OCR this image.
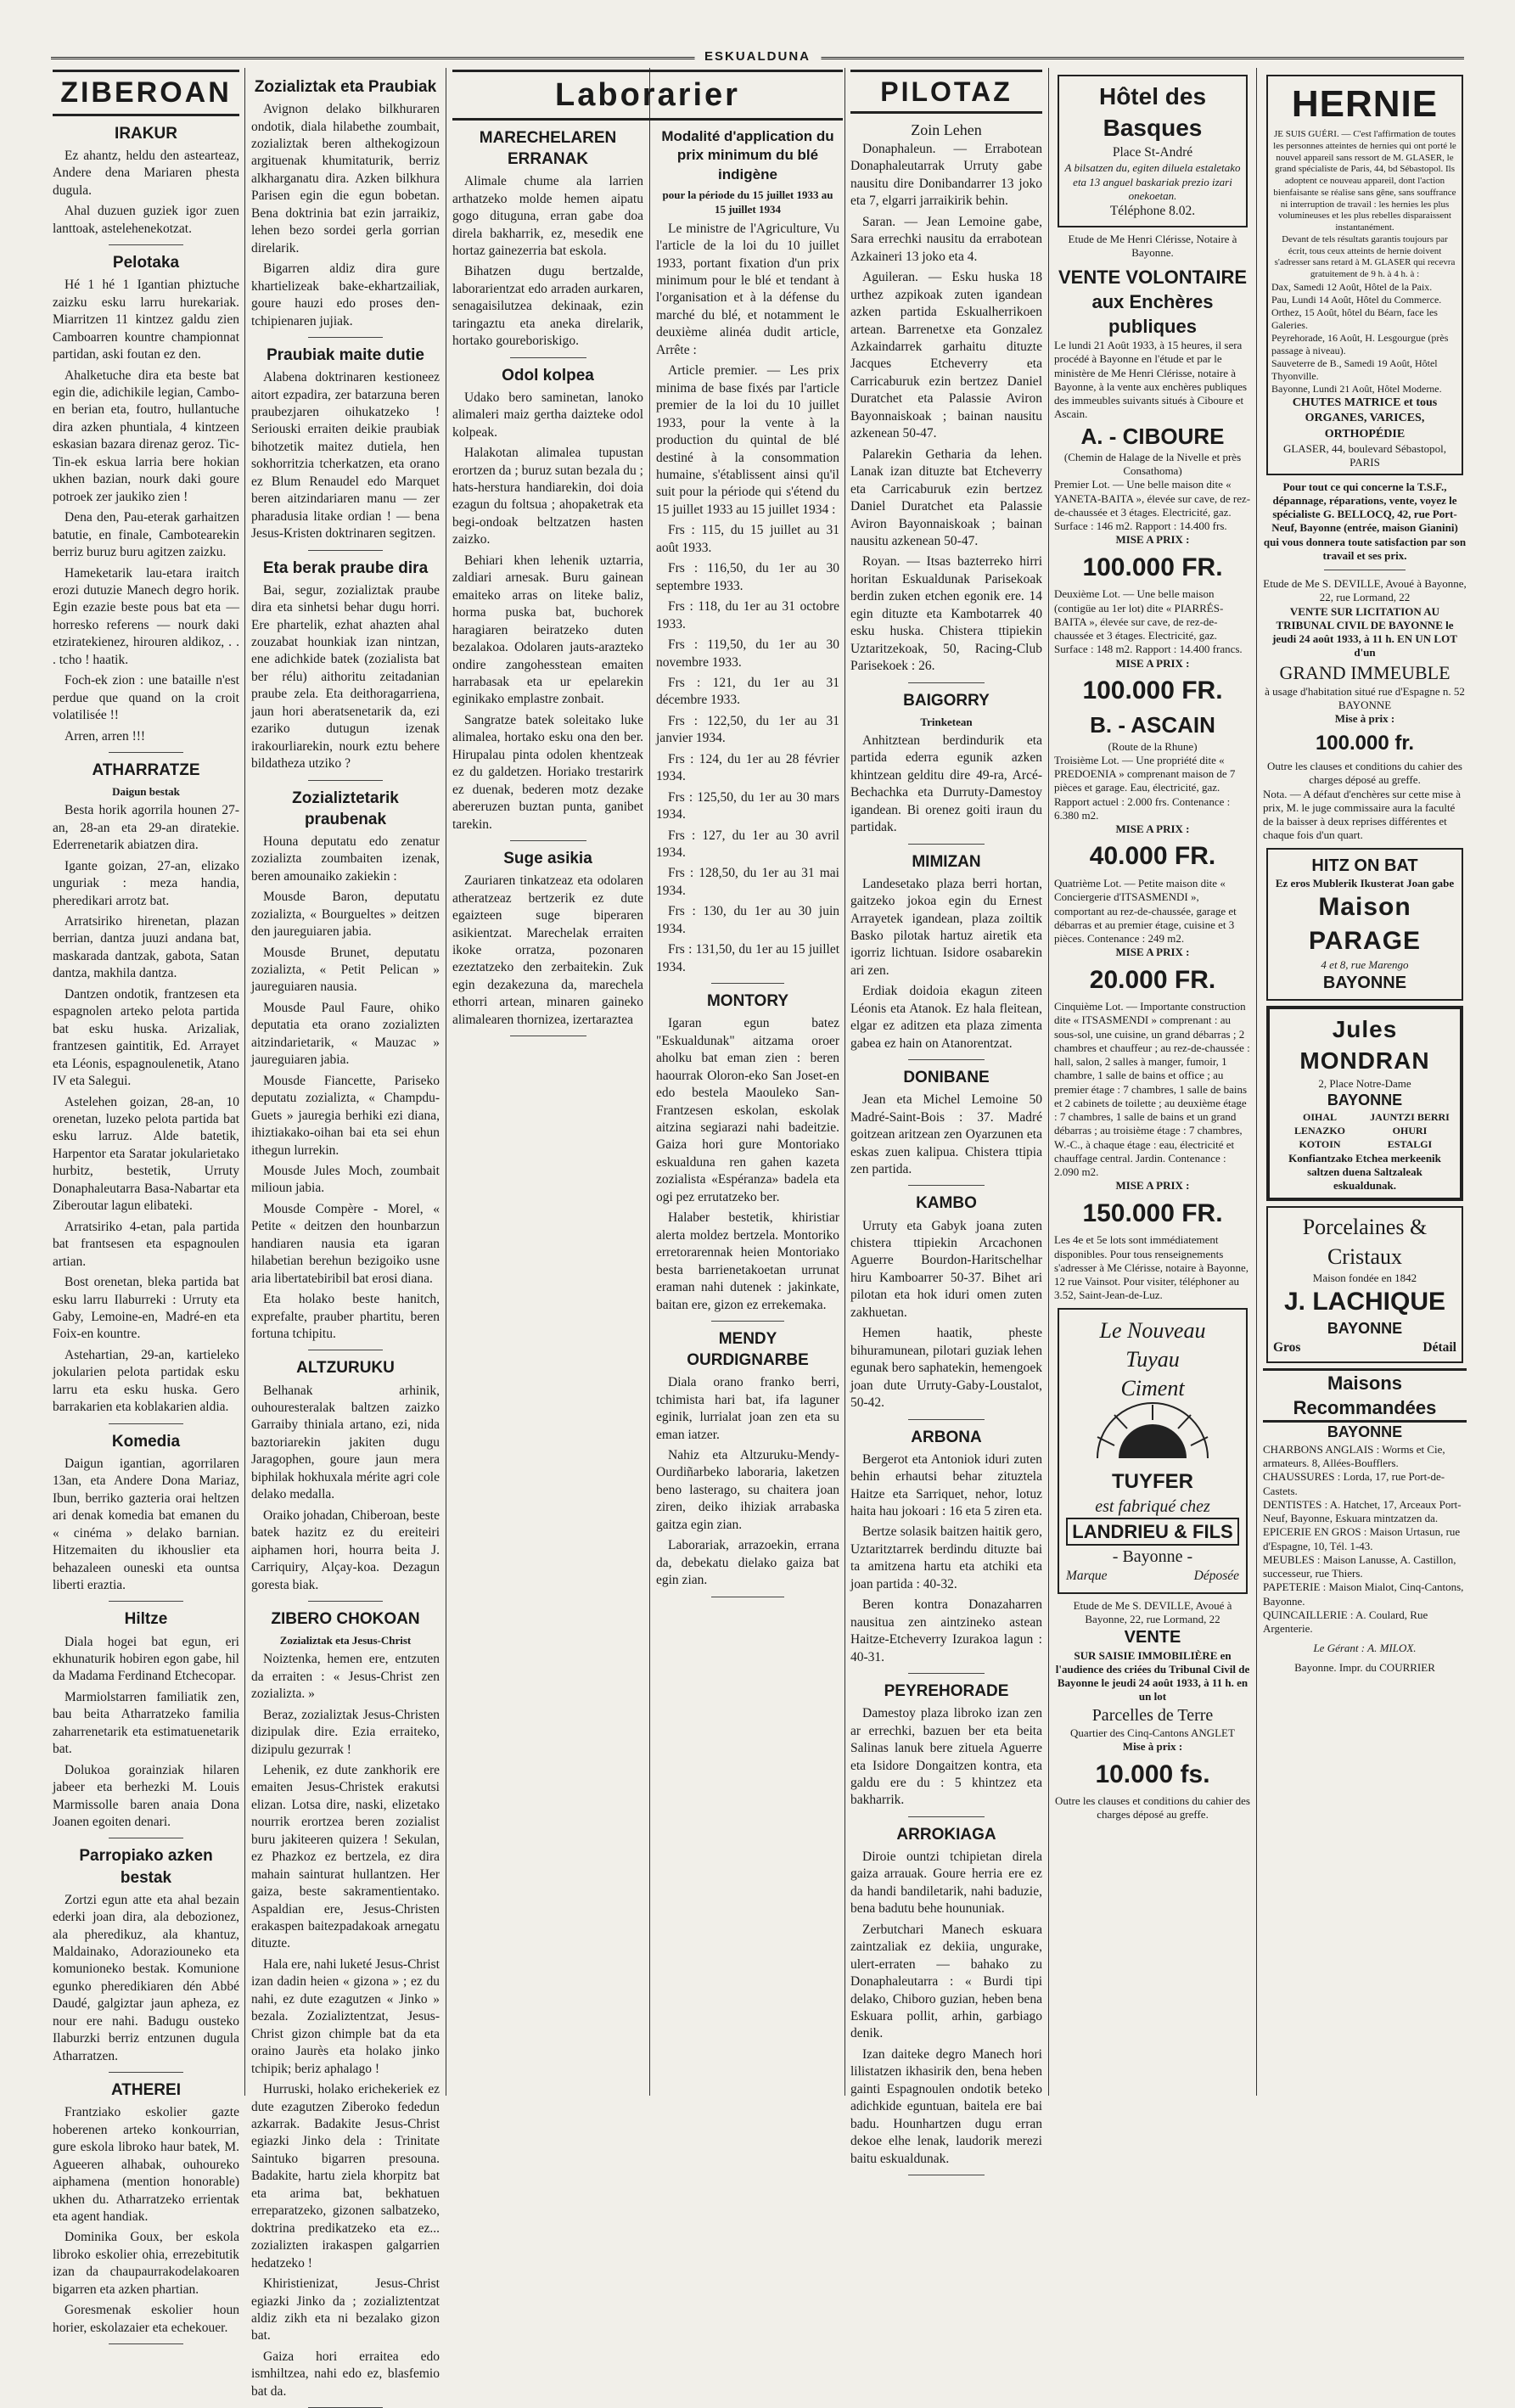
ESKUALDUNA
ZIBEROAN
IRAKUR

Ez ahantz, heldu den astearteaz, Andere dena Mariaren phesta dugula.

Ahal duzuen guziek igor zuen lanttoak, astelehenekotzat.

Pelotaka

Hé 1 hé 1 Igantian phiztuche zaizku esku larru hurekariak. Miarritzen 11 kintzez galdu zien Camboarren kountre championnat partidan, aski foutan ez den.

Ahalketuche dira eta beste bat egin die, adichikile legian, Cambo-en berian eta, foutro, hullantuche dira azken phuntiala, 4 kintzeen eskasian bazara direnaz geroz. Tic-Tin-ek eskua larria bere hokian ukhen bazian, nourk daki goure potroek zer jaukiko zien !

Dena den, Pau-eterak garhaitzen batutie, en finale, Cambotearekin berriz buruz buru agitzen zaizku.

Hameketarik lau-etara iraitch erozi dutuzie Manech degro horik. Egin ezazie beste pous bat eta — horresko referens — nourk daki etziratekienez, hirouren aldikoz, . . . tcho ! haatik.

Foch-ek zion : une bataille n'est perdue que quand on la croit volatilisée !!

Arren, arren !!!

ATHARRATZE
Daigun bestak

Besta horik agorrila hounen 27-an, 28-an eta 29-an diratekie. Ederrenetarik abiatzen dira.

Igante goizan, 27-an, elizako unguriak : meza handia, pheredikari arrotz bat.

Arratsiriko hirenetan, plazan berrian, dantza juuzi andana bat, maskarada dantzak, gabota, Satan dantza, makhila dantza.

Dantzen ondotik, frantzesen eta espagnolen arteko pelota partida bat esku huska. Arizaliak, frantzesen gaintitik, Ed. Arrayet eta Léonis, espagnoulenetik, Atano IV eta Salegui.

Astelehen goizan, 28-an, 10 orenetan, luzeko pelota partida bat esku larruz. Alde batetik, Harpentor eta Saratar jokularietako hurbitz, bestetik, Urruty Donaphaleutarra Basa-Nabartar eta Ziberoutar lagun elibateki.

Arratsiriko 4-etan, pala partida bat frantsesen eta espagnoulen artian.

Bost orenetan, bleka partida bat esku larru Ilaburreki : Urruty eta Gaby, Lemoine-en, Madré-en eta Foix-en kountre.

Astehartian, 29-an, kartieleko jokularien pelota partidak esku larru eta esku huska. Gero barrakarien eta koblakarien aldia.

Komedia

Daigun igantian, agorrilaren 13an, eta Andere Dona Mariaz, Ibun, berriko gazteria orai heltzen ari denak komedia bat emanen du « cinéma » delako barnian. Hitzemaiten du ikhouslier eta behazaleen ouneski eta ountsa liberti eraztia.

Hiltze

Diala hogei bat egun, eri ekhunaturik hobiren egon gabe, hil da Madama Ferdinand Etchecopar.

Marmiolstarren familiatik zen, bau beita Atharratzeko familia zaharrenetarik eta estimatuenetarik bat.

Dolukoa gorainziak hilaren jabeer eta berhezki M. Louis Marmissolle baren anaia Dona Joanen egoiten denari.

Parropiako azken bestak

Zortzi egun atte eta ahal bezain ederki joan dira, ala debozionez, ala pheredikuz, ala khantuz, Maldainako, Adoraziouneko eta komunioneko bestak. Komunione egunko pheredikiaren dén Abbé Daudé, galgiztar jaun apheza, ez nour ere nahi. Badugu ousteko Ilaburzki berriz entzunen dugula Atharratzen.

ATHEREI

Frantziako eskolier gazte hoberenen arteko konkourrian, gure eskola libroko haur batek, M. Agueeren alhabak, ouhoureko aiphamena (mention honorable) ukhen du. Atharratzeko errientak eta agent handiak.

Dominika Goux, ber eskola libroko eskolier ohia, errezebitutik izan da chaupaurrakodelakoaren bigarren eta azken phartian.

Goresmenak eskolier houn horier, eskolazaier eta echekouer.

Zozializtak eta Praubiak

Avignon delako bilkhuraren ondotik, diala hilabethe zoumbait, zozializtak beren althekogizoun argituenak khumitaturik, berriz alkharganatu dira. Azken bilkhura Parisen egin die egun bobetan. Bena doktrinia bat ezin jarraikiz, lehen bezo sordei gerla gorrian direlarik.

Bigarren aldiz dira gure khartielizeak bake-ekhartzailiak, goure hauzi edo proses den-tchipienaren jujiak.

Praubiak maite dutie

Alabena doktrinaren kestioneez aitort ezpadira, zer batarzuna beren praubezjaren oihukatzeko ! Seriouski erraiten deikie praubiak bihotzetik maitez dutiela, hen sokhorritzia tcherkatzen, eta orano ez Blum Renaudel edo Marquet beren aitzindariaren manu — zer pharadusia litake ordian ! — bena Jesus-Kristen doktrinaren segitzen.

Eta berak praube dira

Bai, segur, zozializtak praube dira eta sinhetsi behar dugu horri. Ere phartelik, ezhat ahazten ahal zouzabat hounkiak izan nintzan, ene adichkide batek (zozialista bat ber rélu) aithoritu zeitadanian praube zela. Eta deithoragarriena, jaun hori aberatsenetarik da, ezi ezariko dutugun izenak irakourliarekin, nourk eztu behere bildatheza utziko ?

Zozializtetarik praubenak

Houna deputatu edo zenatur zozializta zoumbaiten izenak, beren amounaiko zakiekin :

Mousde Baron, deputatu zozializta, « Bourgueltes » deitzen den jaureguiaren jabia.

Mousde Brunet, deputatu zozializta, « Petit Pelican » jaureguiaren nausia.

Mousde Paul Faure, ohiko deputatia eta orano zozializten aitzindarietarik, « Mauzac » jaureguiaren jabia.

Mousde Fiancette, Pariseko deputatu zozializta, « Champdu-Guets » jauregia berhiki ezi diana, ihiztiakako-oihan bai eta sei ehun ithegun lurrekin.

Mousde Jules Moch, zoumbait milioun jabia.

Mousde Compère - Morel, « Petite « deitzen den hounbarzun handiaren nausia eta igaran hilabetian berehun bezigoiko usne aria libertatebiribil bat erosi diana.

Eta holako beste hanitch, exprefalte, prauber phartitu, beren fortuna tchipitu.

ALTZURUKU

Belhanak arhinik, ouhouresteralak baltzen zaizko Garraiby thiniala artano, ezi, nida baztoriarekin jakiten dugu Jaragophen, goure jaun mera biphilak hokhuxala mérite agri cole delako medalla.

Oraiko johadan, Chiberoan, beste batek hazitz ez du ereiteiri aiphamen hori, hourra beita J. Carriquiry, Alçay-koa. Dezagun goresta biak.

ZIBERO CHOKOAN
Zozializtak eta Jesus-Christ

Noiztenka, hemen ere, entzuten da erraiten : « Jesus-Christ zen zozializta. »

Beraz, zozializtak Jesus-Christen dizipulak dire. Ezia erraiteko, dizipulu gezurrak !

Lehenik, ez dute zankhorik ere emaiten Jesus-Christek erakutsi elizan. Lotsa dire, naski, elizetako nourrik erortzea beren zozialist buru jakiteeren quizera ! Sekulan, ez Phazkoz ez bertzela, ez dira mahain sainturat hullantzen. Her gaiza, beste sakramentientako. Aspaldian ere, Jesus-Christen erakaspen baitezpadakoak arnegatu dituzte.

Hala ere, nahi luketé Jesus-Christ izan dadin heien « gizona » ; ez du nahi, ez dute ezagutzen « Jinko » bezala. Zozializtentzat, Jesus-Christ gizon chimple bat da eta oraino Jaurès eta holako jinko tchipik; beriz aphalago !

Hurruski, holako erichekeriek ez dute ezagutzen Ziberoko fededun azkarrak. Badakite Jesus-Christ egiazki Jinko dela : Trinitate Saintuko bigarren presouna. Badakite, hartu ziela khorpitz bat eta arima bat, bekhatuen erreparatzeko, gizonen salbatzeko, doktrina predikatzeko eta ez... zozializten irakaspen galgarrien hedatzeko !

Khiristienizat, Jesus-Christ egiazki Jinko da ; zozializtentzat aldiz zikh eta ni bezalako gizon bat.

Gaiza hori erraitea edo ismhiltzea, nahi edo ez, blasfemio bat da.

Laborarier
MARECHELAREN ERRANAK

Alimale chume ala larrien arthatzeko molde hemen aipatu gogo dituguna, erran gabe doa direla bakharrik, ez, mesedik ene hortaz gainezerria bat eskola.

Bihatzen dugu bertzalde, laborarientzat edo arraden aurkaren, senagaisilutzea dekinaak, ezin taringaztu eta aneka direlarik, hortako goureboriskigo.

Odol kolpea

Udako bero saminetan, lanoko alimaleri maiz gertha daizteke odol kolpeak.

Halakotan alimalea tupustan erortzen da ; buruz sutan bezala du ; hats-herstura handiarekin, doi doia ezagun du foltsua ; ahopaketrak eta begi-ondoak beltzatzen hasten zaizko.

Behiari khen lehenik uztarria, zaldiari arnesak. Buru gainean emaiteko arras on liteke baliz, horma puska bat, buchorek haragiaren beiratzeko duten bezalakoa. Odolaren jauts-arazteko ondire zangohesstean emaiten harrabasak eta ur epelarekin eginikako emplastre zonbait.

Sangratze batek soleitako luke alimalea, hortako esku ona den ber. Hirupalau pinta odolen khentzeak ez du galdetzen. Horiako trestarirk ez duenak, bederen motz dezake abereruzen buztan punta, ganibet tarekin.

Suge asikia

Zauriaren tinkatzeaz eta odolaren atheratzeaz bertzerik ez dute egaizteen suge biperaren asikientzat. Marechelak erraiten ikoke orratza, pozonaren ezeztatzeko den zerbaitekin. Zuk egin dezakezuna da, marechela ethorri artean, minaren gaineko alimalearen thornizea, izertaraztea

Modalité d'application du prix minimum du blé indigène
pour la période du 15 juillet 1933 au 15 juillet 1934

Le ministre de l'Agriculture, Vu l'article de la loi du 10 juillet 1933, portant fixation d'un prix minimum pour le blé et tendant à l'organisation et à la défense du marché du blé, et notamment le deuxième alinéa dudit article, Arrête :

Article premier. — Les prix minima de base fixés par l'article premier de la loi du 10 juillet 1933, pour la vente à la production du quintal de blé destiné à la consommation humaine, s'établissent ainsi qu'il suit pour la période qui s'étend du 15 juillet 1933 au 15 juillet 1934 :

Frs : 115, du 15 juillet au 31 août 1933.

Frs : 116,50, du 1er au 30 septembre 1933.

Frs : 118, du 1er au 31 octobre 1933.

Frs : 119,50, du 1er au 30 novembre 1933.

Frs : 121, du 1er au 31 décembre 1933.

Frs : 122,50, du 1er au 31 janvier 1934.

Frs : 124, du 1er au 28 février 1934.

Frs : 125,50, du 1er au 30 mars 1934.

Frs : 127, du 1er au 30 avril 1934.

Frs : 128,50, du 1er au 31 mai 1934.

Frs : 130, du 1er au 30 juin 1934.

Frs : 131,50, du 1er au 15 juillet 1934.

MONTORY

Igaran egun batez "Eskualdunak" aitzama oroer aholku bat eman zien : beren haourrak Oloron-eko San Joset-en edo bestela Maouleko San-Frantzesen eskolan, eskolak aitzina segiarazi nahi badeitzie. Gaiza hori gure Montoriako eskualduna ren gahen kazeta zozialista «Espéranza» badela eta ogi pez errutatzeko ber.

Halaber bestetik, khiristiar alerta moldez bertzela. Montoriko erretorarennak heien Montoriako besta barrienetakoetan urrunat eraman nahi dutenek : jakinkate, baitan ere, gizon ez errekemaka.

MENDY OURDIGNARBE

Diala orano franko berri, tchimista hari bat, ifa laguner eginik, lurrialat joan zen eta su eman iatzer.

Nahiz eta Altzuruku-Mendy-Ourdiñarbeko laboraria, laketzen beno lasterago, su chaitera joan ziren, deiko ihiziak arrabaska gaitza egin zian.

Laborariak, arrazoekin, errana da, debekatu dielako gaiza bat egin zian.

PILOTAZ
Zoin Lehen

Donaphaleun. — Errabotean Donaphaleutarrak Urruty gabe nausitu dire Donibandarrer 13 joko eta 7, elgarri jarraikirik behin.

Saran. — Jean Lemoine gabe, Sara errechki nausitu da errabotean Azkaineri 13 joko eta 4.

Aguileran. — Esku huska 18 urthez azpikoak zuten igandean azken partida Eskualherrikoen artean. Barrenetxe eta Gonzalez Azkaindarrek garhaitu dituzte Jacques Etcheverry eta Carricaburuk ezin bertzez Daniel Duratchet eta Palassie Aviron Bayonnaiskoak ; bainan nausitu azkenean 50-47.

Palarekin Getharia da lehen. Lanak izan dituzte bat Etcheverry eta Carricaburuk ezin bertzez Daniel Duratchet eta Palassie Aviron Bayonnaiskoak ; bainan nausitu azkenean 50-47.

Royan. — Itsas bazterreko hirri horitan Eskualdunak Parisekoak berdin zuken etchen egonik ere. 14 egin dituzte eta Kambotarrek 40 esku huska. Chistera ttipiekin Uztaritzekoak, 50, Racing-Club Parisekoek : 26.

BAIGORRY
Trinketean

Anhitztean berdindurik eta partida ederra egunik azken khintzean gelditu dire 49-ra, Arcé-Bechachka eta Durruty-Damestoy igandean. Bi orenez goiti iraun du partidak.

MIMIZAN

Landesetako plaza berri hortan, gaitzeko jokoa egin du Ernest Arrayetek igandean, plaza zoiltik Basko pilotak hartuz airetik eta igorriz lichtuan. Isidore osabarekin ari zen.

Erdiak doidoia ekagun ziteen Léonis eta Atanok. Ez hala fleitean, elgar ez aditzen eta plaza zimenta gabea ez hain on Atanorentzat.

DONIBANE

Jean eta Michel Lemoine 50 Madré-Saint-Bois : 37. Madré goitzean aritzean zen Oyarzunen eta eskas zuen kalipua. Chistera ttipia zen partida.

KAMBO

Urruty eta Gabyk joana zuten chistera ttipiekin Arcachonen Aguerre Bourdon-Haritschelhar hiru Kamboarrer 50-37. Bihet ari pilotan eta hok iduri omen zuten zakhuetan.

Hemen haatik, pheste bihuramunean, pilotari guziak lehen egunak bero saphatekin, hemengoek joan dute Urruty-Gaby-Loustalot, 50-42.

ARBONA

Bergerot eta Antoniok iduri zuten behin erhautsi behar zituztela Haitze eta Sarriquet, nehor, lotuz haita hau jokoari : 16 eta 5 ziren eta.

Bertze solasik baitzen haitik gero, Uztaritztarrek berdindu dituzte bai ta amitzena hartu eta atchiki eta joan partida : 40-32.

Beren kontra Donazaharren nausitua zen aintzineko astean Haitze-Etcheverry Izurakoa lagun : 40-31.

PEYREHORADE

Damestoy plaza libroko izan zen ar errechki, bazuen ber eta beita Salinas lanuk bere zituela Aguerre eta Isidore Dongaitzen kontra, eta galdu ere du : 5 khintzez eta bakharrik.

ARROKIAGA

Diroie ountzi tchipietan direla gaiza arrauak. Goure herria ere ez da handi bandiletarik, nahi baduzie, bena badutu behe hoununiak.

Zerbutchari Manech eskuara zaintzaliak ez dekiia, ungurake, ulert-erraten — bahako zu Donaphaleutarra : « Burdi tipi delako, Chiboro guzian, heben bena Eskuara pollit, arhin, garbiago denik.

Izan daiteke degro Manech hori lilistatzen ikhasirik den, bena heben gainti Espagnoulen ondotik beteko adichkide eguntuan, baitela ere bai badu. Hounhartzen dugu erran dekoe elhe lenak, laudorik merezi baitu eskualdunak.

Hôtel des Basques
Place St-André
A bilsatzen du, egiten diluela estaletako eta 13 anguel baskariak prezio izari onekoetan.
Téléphone 8.02.
Etude de Me Henri Clérisse, Notaire à Bayonne.
VENTE VOLONTAIRE aux Enchères publiques
Le lundi 21 Août 1933, à 15 heures, il sera procédé à Bayonne en l'étude et par le ministère de Me Henri Clérisse, notaire à Bayonne, à la vente aux enchères publiques des immeubles suivants situés à Ciboure et Ascain.
A. - CIBOURE
(Chemin de Halage de la Nivelle et près Consathoma)
Premier Lot. — Une belle maison dite « YANETA-BAITA », élevée sur cave, de rez-de-chaussée et 3 étages. Electricité, gaz. Surface : 146 m2. Rapport : 14.400 frs.
MISE A PRIX :
100.000 FR.
Deuxième Lot. — Une belle maison (contigüe au 1er lot) dite « PIARRÉS-BAITA », élevée sur cave, de rez-de-chaussée et 3 étages. Electricité, gaz. Surface : 148 m2. Rapport : 14.400 francs.
MISE A PRIX :
100.000 FR.
B. - ASCAIN
(Route de la Rhune)
Troisième Lot. — Une propriété dite « PREDOENIA » comprenant maison de 7 pièces et garage. Eau, électricité, gaz. Rapport actuel : 2.000 frs. Contenance : 6.380 m2.
MISE A PRIX :
40.000 FR.
Quatrième Lot. — Petite maison dite « Conciergerie d'ITSASMENDI », comportant au rez-de-chaussée, garage et débarras et au premier étage, cuisine et 3 pièces. Contenance : 249 m2.
MISE A PRIX :
20.000 FR.
Cinquième Lot. — Importante construction dite « ITSASMENDI » comprenant : au sous-sol, une cuisine, un grand débarras ; 2 chambres et chauffeur ; au rez-de-chaussée : hall, salon, 2 salles à manger, fumoir, 1 chambre, 1 salle de bains et office ; au premier étage : 7 chambres, 1 salle de bains et 2 cabinets de toilette ; au deuxième étage : 7 chambres, 1 salle de bains et un grand débarras ; au troisième étage : 7 chambres, W.-C., à chaque étage : eau, électricité et chauffage central. Jardin. Contenance : 2.090 m2.
MISE A PRIX :
150.000 FR.
Les 4e et 5e lots sont immédiatement disponibles. Pour tous renseignements s'adresser à Me Clérisse, notaire à Bayonne, 12 rue Vainsot. Pour visiter, téléphoner au 3.52, Saint-Jean-de-Luz.
Le Nouveau
Tuyau
Ciment
TUYFER
est fabriqué chez
LANDRIEU & FILS
- Bayonne -
Marque	Déposée
Etude de Me S. DEVILLE, Avoué à Bayonne, 22, rue Lormand, 22
VENTE
SUR SAISIE IMMOBILIÈRE en l'audience des criées du Tribunal Civil de Bayonne le jeudi 24 août 1933, à 11 h. en un lot
Parcelles de Terre
Quartier des Cinq-Cantons ANGLET
Mise à prix :
10.000 fs.
Outre les clauses et conditions du cahier des charges déposé au greffe.
HERNIE
JE SUIS GUÉRI. — C'est l'affirmation de toutes les personnes atteintes de hernies qui ont porté le nouvel appareil sans ressort de M. GLASER, le grand spécialiste de Paris, 44, bd Sébastopol. Ils adoptent ce nouveau appareil, dont l'action bienfaisante se réalise sans gêne, sans souffrance ni interruption de travail : les hernies les plus volumineuses et les plus rebelles disparaissent instantanément.
Devant de tels résultats garantis toujours par écrit, tous ceux atteints de hernie doivent s'adresser sans retard à M. GLASER qui recevra gratuitement de 9 h. à 4 h. à :
Dax, Samedi 12 Août, Hôtel de la Paix.
Pau, Lundi 14 Août, Hôtel du Commerce.
Orthez, 15 Août, hôtel du Béarn, face les Galeries.
Peyrehorade, 16 Août, H. Lesgourgue (près passage à niveau).
Sauveterre de B., Samedi 19 Août, Hôtel Thyonville.
Bayonne, Lundi 21 Août, Hôtel Moderne.
CHUTES MATRICE et tous ORGANES, VARICES, ORTHOPÉDIE
GLASER, 44, boulevard Sébastopol, PARIS
Pour tout ce qui concerne la T.S.F., dépannage, réparations, vente, voyez le spécialiste G. BELLOCQ, 42, rue Port-Neuf, Bayonne (entrée, maison Gianini) qui vous donnera toute satisfaction par son travail et ses prix.
Etude de Me S. DEVILLE, Avoué à Bayonne, 22, rue Lormand, 22
VENTE SUR LICITATION AU TRIBUNAL CIVIL DE BAYONNE le jeudi 24 août 1933, à 11 h. EN UN LOT d'un
GRAND IMMEUBLE
à usage d'habitation situé rue d'Espagne n. 52 BAYONNE
Mise à prix :
100.000 fr.
Outre les clauses et conditions du cahier des charges déposé au greffe.
Nota. — A défaut d'enchères sur cette mise à prix, M. le juge commissaire aura la faculté de la baisser à deux reprises différentes et chaque fois d'un quart.
HITZ ON BAT
Ez eros Mublerik Ikusterat Joan gabe
Maison PARAGE
4 et 8, rue Marengo
BAYONNE
Jules MONDRAN
2, Place Notre-Dame
BAYONNE
OIHAL	JAUNTZI BERRI
LENAZKO	OHURI
KOTOIN	ESTALGI
Konfiantzako Etchea merkeenik saltzen duena Saltzaleak eskualdunak.
Porcelaines & Cristaux
Maison fondée en 1842
J. LACHIQUE
BAYONNE
Gros	Détail
Maisons Recommandées
BAYONNE
CHARBONS ANGLAIS : Worms et Cie, armateurs. 8, Allées-Boufflers.
CHAUSSURES : Lorda, 17, rue Port-de-Castets.
DENTISTES : A. Hatchet, 17, Arceaux Port-Neuf, Bayonne, Eskuara mintzatzen da.
EPICERIE EN GROS : Maison Urtasun, rue d'Espagne, 10, Tél. 1-43.
MEUBLES : Maison Lanusse, A. Castillon, successeur, rue Thiers.
PAPETERIE : Maison Mialot, Cinq-Cantons, Bayonne.
QUINCAILLERIE : A. Coulard, Rue Argenterie.
Le Gérant : A. MILOX.
Bayonne. Impr. du COURRIER
